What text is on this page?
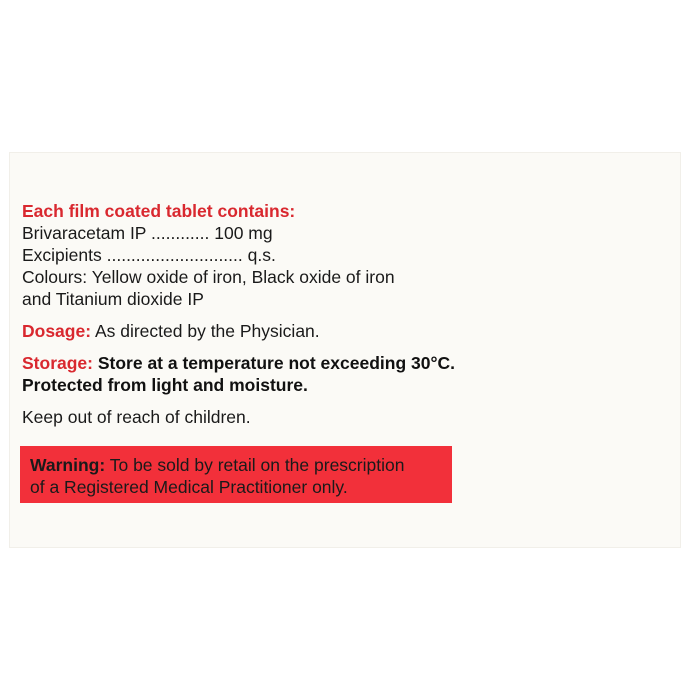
Each film coated tablet contains:
Brivaracetam IP ............ 100 mg
Excipients ............................ q.s.
Colours: Yellow oxide of iron, Black oxide of iron
and Titanium dioxide IP
Dosage: As directed by the Physician.
Storage: Store at a temperature not exceeding 30°C.
Protected from light and moisture.
Keep out of reach of children.
Warning: To be sold by retail on the prescription
of a Registered Medical Practitioner only.
